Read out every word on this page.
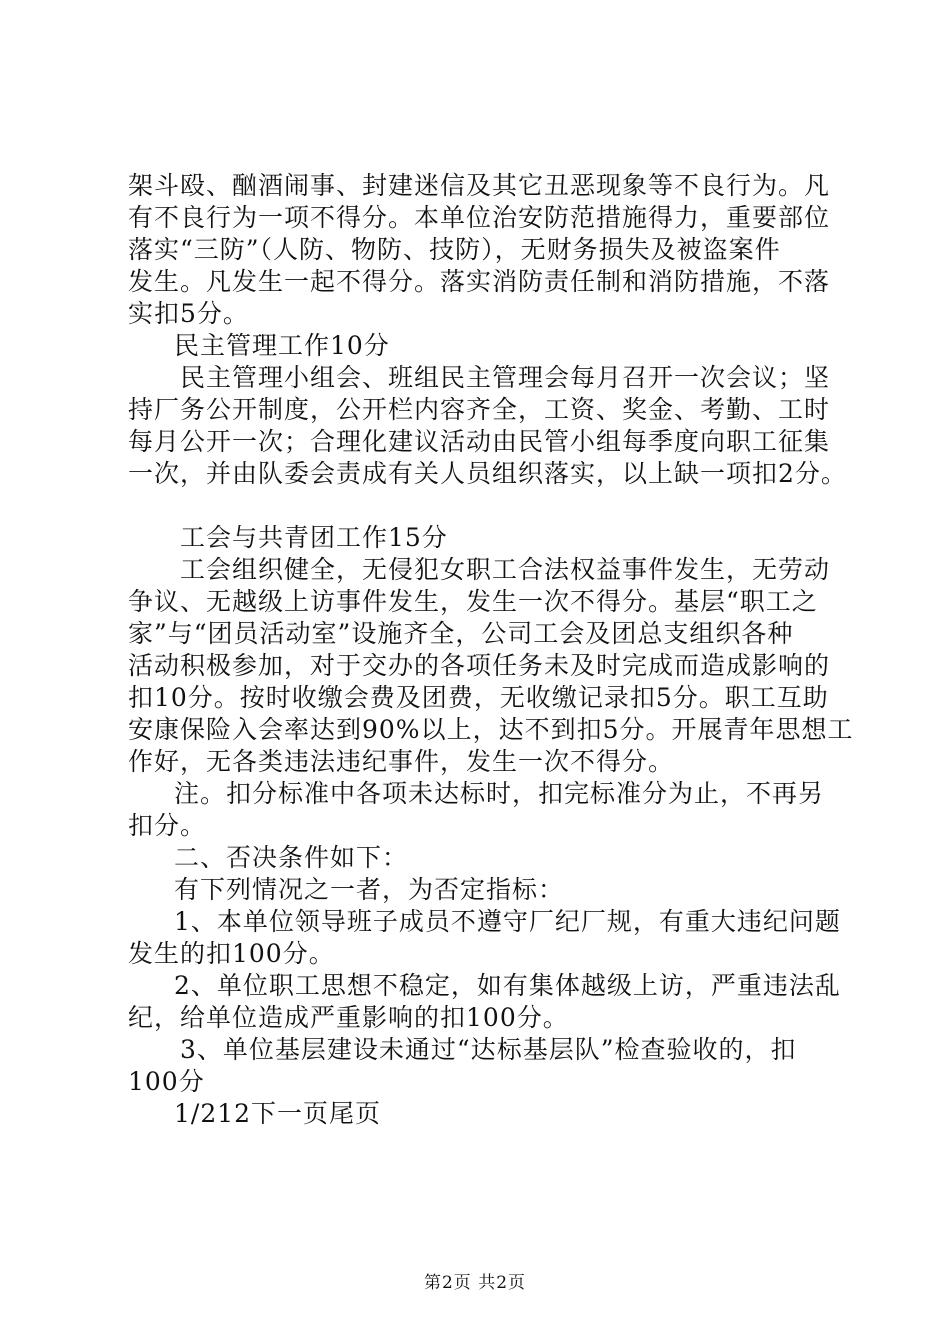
架斗殴、酗酒闹事、封建迷信及其它丑恶现象等不良行为。凡
有不良行为一项不得分。本单位治安防范措施得力，重要部位
落实“三防”（人防、物防、技防），无财务损失及被盗案件
发生。凡发生一起不得分。落实消防责任制和消防措施，不落
实扣5分。
民主管理工作10分
民主管理小组会、班组民主管理会每月召开一次会议；坚
持厂务公开制度，公开栏内容齐全，工资、奖金、考勤、工时
每月公开一次；合理化建议活动由民管小组每季度向职工征集
一次，并由队委会责成有关人员组织落实，以上缺一项扣2分。
工会与共青团工作15分
工会组织健全，无侵犯女职工合法权益事件发生，无劳动
争议、无越级上访事件发生，发生一次不得分。基层“职工之
家”与“团员活动室”设施齐全，公司工会及团总支组织各种
活动积极参加，对于交办的各项任务未及时完成而造成影响的
扣10分。按时收缴会费及团费，无收缴记录扣5分。职工互助
安康保险入会率达到90%以上，达不到扣5分。开展青年思想工
作好，无各类违法违纪事件，发生一次不得分。
注。扣分标准中各项未达标时，扣完标准分为止，不再另
扣分。
二、否决条件如下：
有下列情况之一者，为否定指标：
1、本单位领导班子成员不遵守厂纪厂规，有重大违纪问题
发生的扣100分。
2、单位职工思想不稳定，如有集体越级上访，严重违法乱
纪，给单位造成严重影响的扣100分。
3、单位基层建设未通过“达标基层队”检查验收的，扣
100分
1/212下一页尾页
第2页 共2页
